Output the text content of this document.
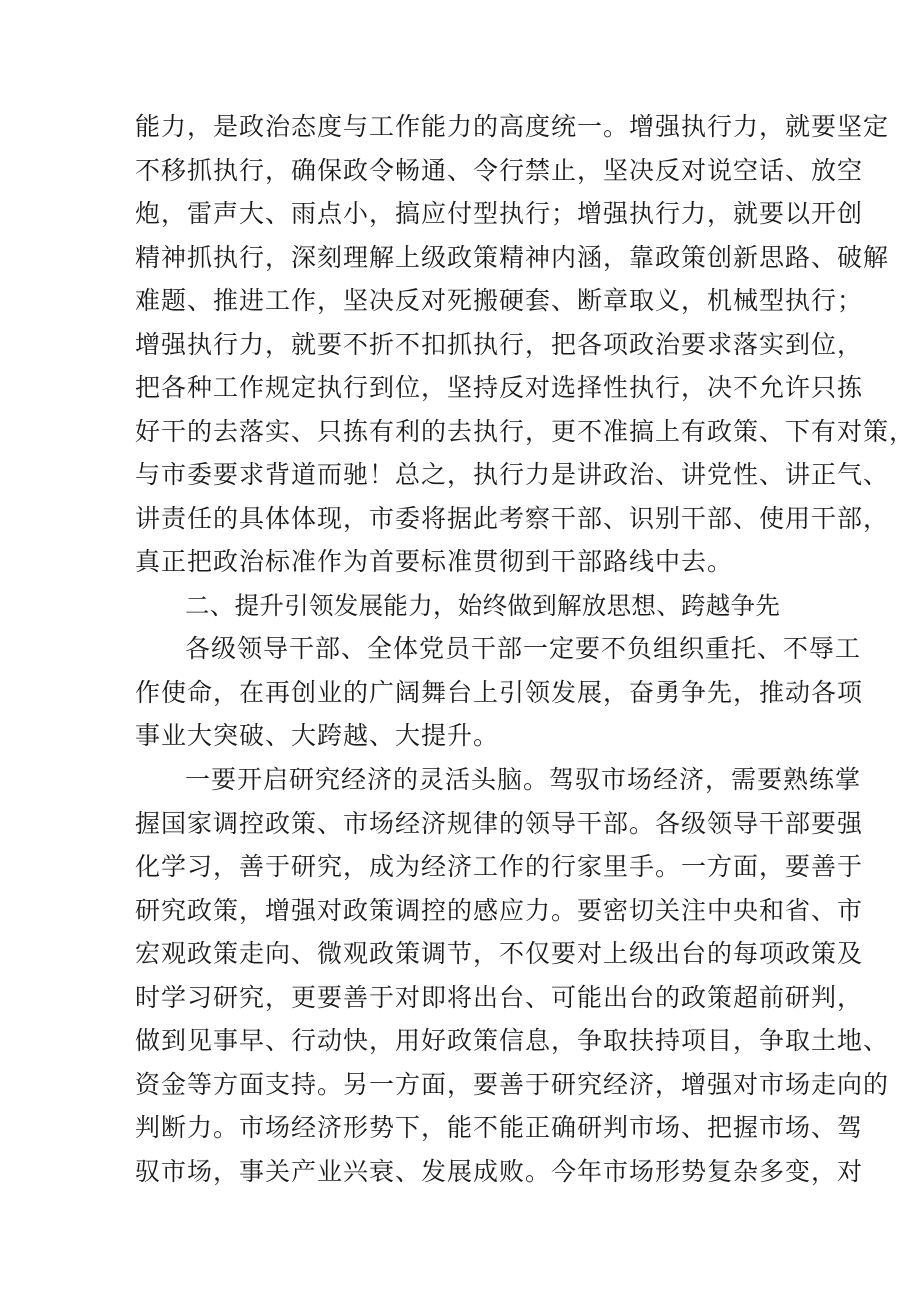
能力，是政治态度与工作能力的高度统一。增强执行力，就要坚定
不移抓执行，确保政令畅通、令行禁止，坚决反对说空话、放空
炮，雷声大、雨点小，搞应付型执行；增强执行力，就要以开创
精神抓执行，深刻理解上级政策精神内涵，靠政策创新思路、破解
难题、推进工作，坚决反对死搬硬套、断章取义，机械型执行；
增强执行力，就要不折不扣抓执行，把各项政治要求落实到位，
把各种工作规定执行到位，坚持反对选择性执行，决不允许只拣
好干的去落实、只拣有利的去执行，更不准搞上有政策、下有对策，
与市委要求背道而驰！总之，执行力是讲政治、讲党性、讲正气、
讲责任的具体体现，市委将据此考察干部、识别干部、使用干部，
真正把政治标准作为首要标准贯彻到干部路线中去。
二、提升引领发展能力，始终做到解放思想、跨越争先
各级领导干部、全体党员干部一定要不负组织重托、不辱工
作使命，在再创业的广阔舞台上引领发展，奋勇争先，推动各项
事业大突破、大跨越、大提升。
一要开启研究经济的灵活头脑。驾驭市场经济，需要熟练掌
握国家调控政策、市场经济规律的领导干部。各级领导干部要强
化学习，善于研究，成为经济工作的行家里手。一方面，要善于
研究政策，增强对政策调控的感应力。要密切关注中央和省、市
宏观政策走向、微观政策调节，不仅要对上级出台的每项政策及
时学习研究，更要善于对即将出台、可能出台的政策超前研判，
做到见事早、行动快，用好政策信息，争取扶持项目，争取土地、
资金等方面支持。另一方面，要善于研究经济，增强对市场走向的
判断力。市场经济形势下，能不能正确研判市场、把握市场、驾
驭市场，事关产业兴衰、发展成败。今年市场形势复杂多变，对
